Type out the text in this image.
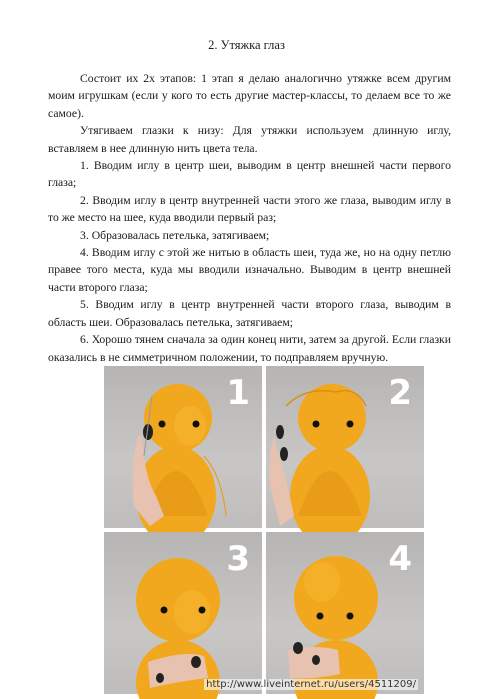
2. Утяжка глаз

Состоит их 2х этапов: 1 этап я делаю аналогично утяжке всем другим моим игрушкам (если у кого то есть другие мастер-классы, то делаем все то же самое).

Утягиваем глазки к низу: Для утяжки используем длинную иглу, вставляем в нее длинную нить цвета тела.

1. Вводим иглу в центр шеи, выводим в центр внешней части первого глаза;

2. Вводим иглу в центр внутренней части этого же глаза, выводим иглу в то же место на шее, куда вводили первый раз;

3. Образовалась петелька, затягиваем;

4. Вводим иглу с этой же нитью в область шеи, туда же, но на одну петлю правее того места, куда мы вводили изначально. Выводим в центр внешней части второго глаза;

5. Вводим иглу в центр внутренней части второго глаза, выводим в область шеи. Образовалась петелька, затягиваем;

6. Хорошо тянем сначала за один конец нити, затем за другой. Если глазки оказались в не симметричном положении, то подправляем вручную.

1	2
3	4
http://www.liveinternet.ru/users/4511209/
